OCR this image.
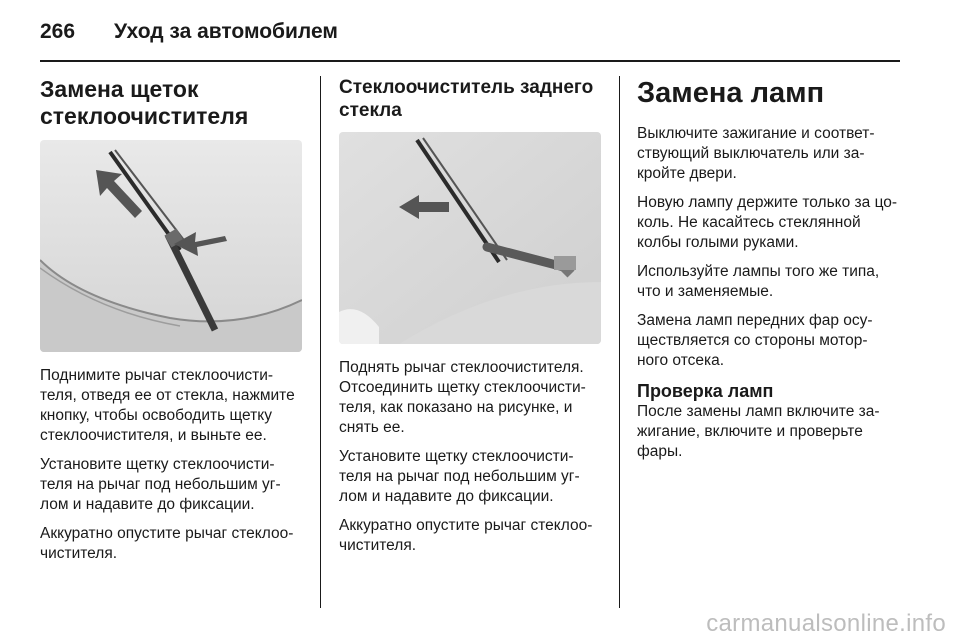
266 Уход за автомобилем
Замена щеток
стеклоочистителя

Поднимите рычаг стеклоочисти-
теля, отведя ее от стекла, нажмите
кнопку, чтобы освободить щетку
стеклоочистителя, и выньте ее.

Установите щетку стеклоочисти-
теля на рычаг под небольшим уг-
лом и надавите до фиксации.

Аккуратно опустите рычаг стеклоо-
чистителя.

Стеклоочиститель заднего
стекла

Поднять рычаг стеклоочистителя.
Отсоединить щетку стеклоочисти-
теля, как показано на рисунке, и
снять ее.

Установите щетку стеклоочисти-
теля на рычаг под небольшим уг-
лом и надавите до фиксации.

Аккуратно опустите рычаг стеклоо-
чистителя.

Замена ламп

Выключите зажигание и соответ-
ствующий выключатель или за-
кройте двери.

Новую лампу держите только за цо-
коль. Не касайтесь стеклянной
колбы голыми руками.

Используйте лампы того же типа,
что и заменяемые.

Замена ламп передних фар осу-
ществляется со стороны мотор-
ного отсека.

Проверка ламп

После замены ламп включите за-
жигание, включите и проверьте
фары.

carmanualsonline.info
